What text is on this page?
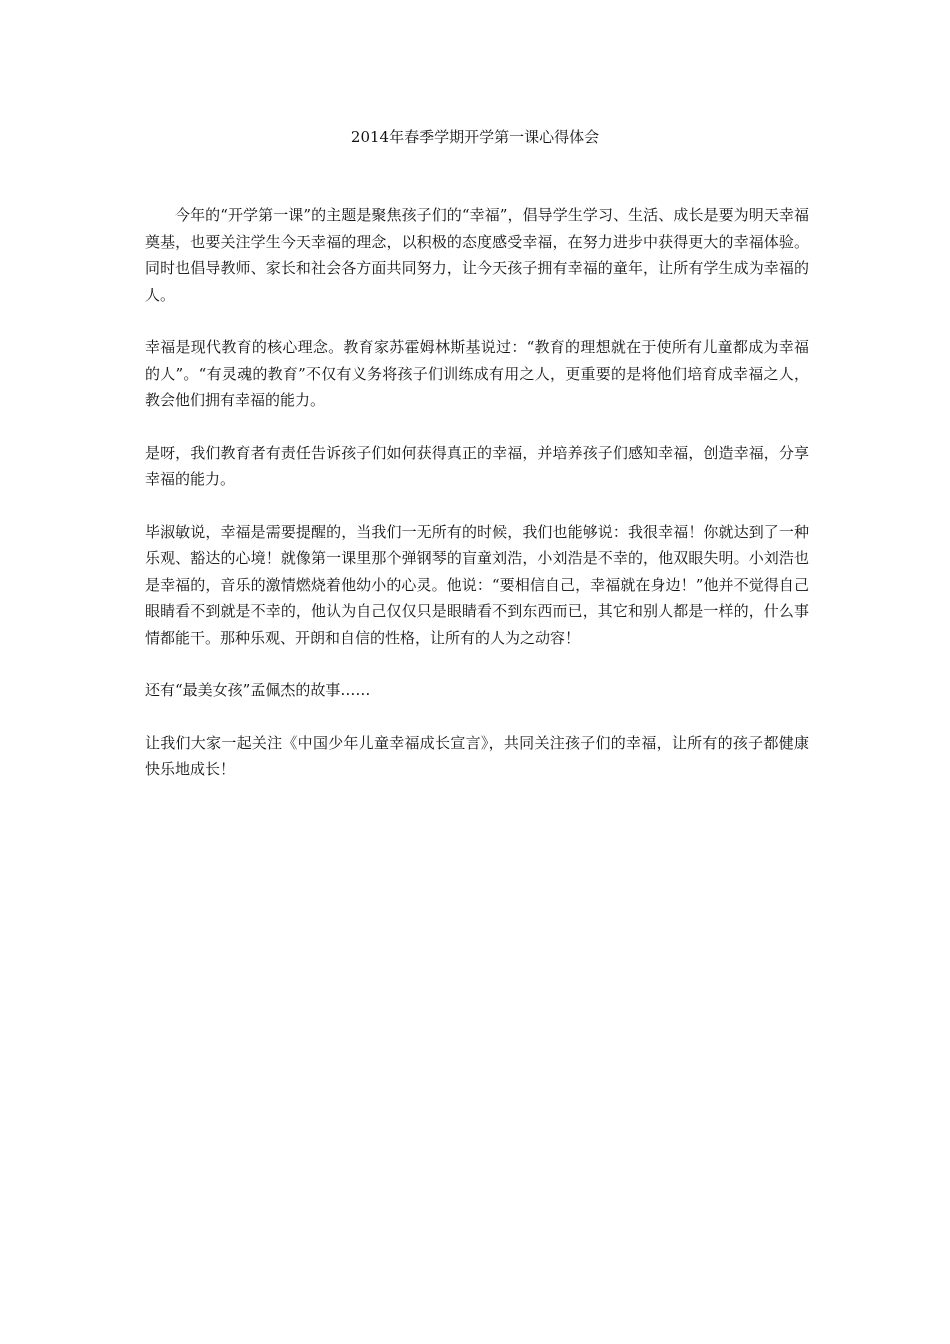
2014年春季学期开学第一课心得体会

今年的“开学第一课”的主题是聚焦孩子们的“幸福”，倡导学生学习、生活、成长是要为明天幸福奠基，也要关注学生今天幸福的理念，以积极的态度感受幸福，在努力进步中获得更大的幸福体验。同时也倡导教师、家长和社会各方面共同努力，让今天孩子拥有幸福的童年，让所有学生成为幸福的人。

幸福是现代教育的核心理念。教育家苏霍姆林斯基说过：“教育的理想就在于使所有儿童都成为幸福的人”。“有灵魂的教育”不仅有义务将孩子们训练成有用之人，更重要的是将他们培育成幸福之人，教会他们拥有幸福的能力。

是呀，我们教育者有责任告诉孩子们如何获得真正的幸福，并培养孩子们感知幸福，创造幸福，分享幸福的能力。

毕淑敏说，幸福是需要提醒的，当我们一无所有的时候，我们也能够说：我很幸福！你就达到了一种乐观、豁达的心境！就像第一课里那个弹钢琴的盲童刘浩，小刘浩是不幸的，他双眼失明。小刘浩也是幸福的，音乐的激情燃烧着他幼小的心灵。他说：“要相信自己，幸福就在身边！”他并不觉得自己眼睛看不到就是不幸的，他认为自己仅仅只是眼睛看不到东西而已，其它和别人都是一样的，什么事情都能干。那种乐观、开朗和自信的性格，让所有的人为之动容！

还有“最美女孩”孟佩杰的故事……

让我们大家一起关注《中国少年儿童幸福成长宣言》，共同关注孩子们的幸福，让所有的孩子都健康快乐地成长！
